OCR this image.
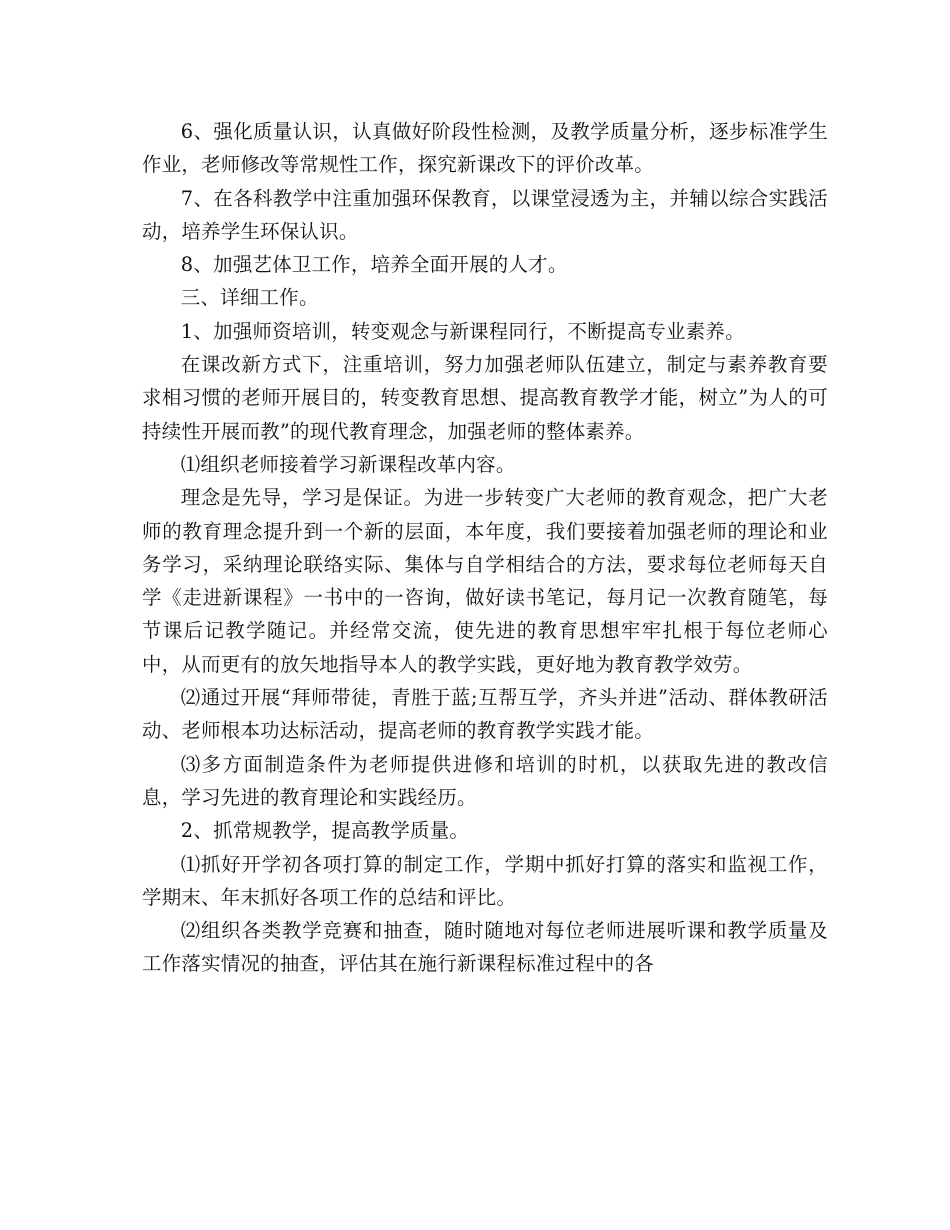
6、强化质量认识，认真做好阶段性检测，及教学质量分析，逐步标准学生作业，老师修改等常规性工作，探究新课改下的评价改革。

7、在各科教学中注重加强环保教育，以课堂浸透为主，并辅以综合实践活动，培养学生环保认识。

8、加强艺体卫工作，培养全面开展的人才。

三、详细工作。

1、加强师资培训，转变观念与新课程同行，不断提高专业素养。

在课改新方式下，注重培训，努力加强老师队伍建立，制定与素养教育要求相习惯的老师开展目的，转变教育思想、提高教育教学才能，树立”为人的可持续性开展而教”的现代教育理念，加强老师的整体素养。

⑴组织老师接着学习新课程改革内容。

理念是先导，学习是保证。为进一步转变广大老师的教育观念，把广大老师的教育理念提升到一个新的层面，本年度，我们要接着加强老师的理论和业务学习，采纳理论联络实际、集体与自学相结合的方法，要求每位老师每天自学《走进新课程》一书中的一咨询，做好读书笔记，每月记一次教育随笔，每节课后记教学随记。并经常交流，使先进的教育思想牢牢扎根于每位老师心中，从而更有的放矢地指导本人的教学实践，更好地为教育教学效劳。

⑵通过开展“拜师带徒，青胜于蓝;互帮互学，齐头并进”活动、群体教研活动、老师根本功达标活动，提高老师的教育教学实践才能。

⑶多方面制造条件为老师提供进修和培训的时机，以获取先进的教改信息，学习先进的教育理论和实践经历。

2、抓常规教学，提高教学质量。

⑴抓好开学初各项打算的制定工作，学期中抓好打算的落实和监视工作，学期末、年末抓好各项工作的总结和评比。

⑵组织各类教学竞赛和抽查，随时随地对每位老师进展听课和教学质量及工作落实情况的抽查，评估其在施行新课程标准过程中的各
